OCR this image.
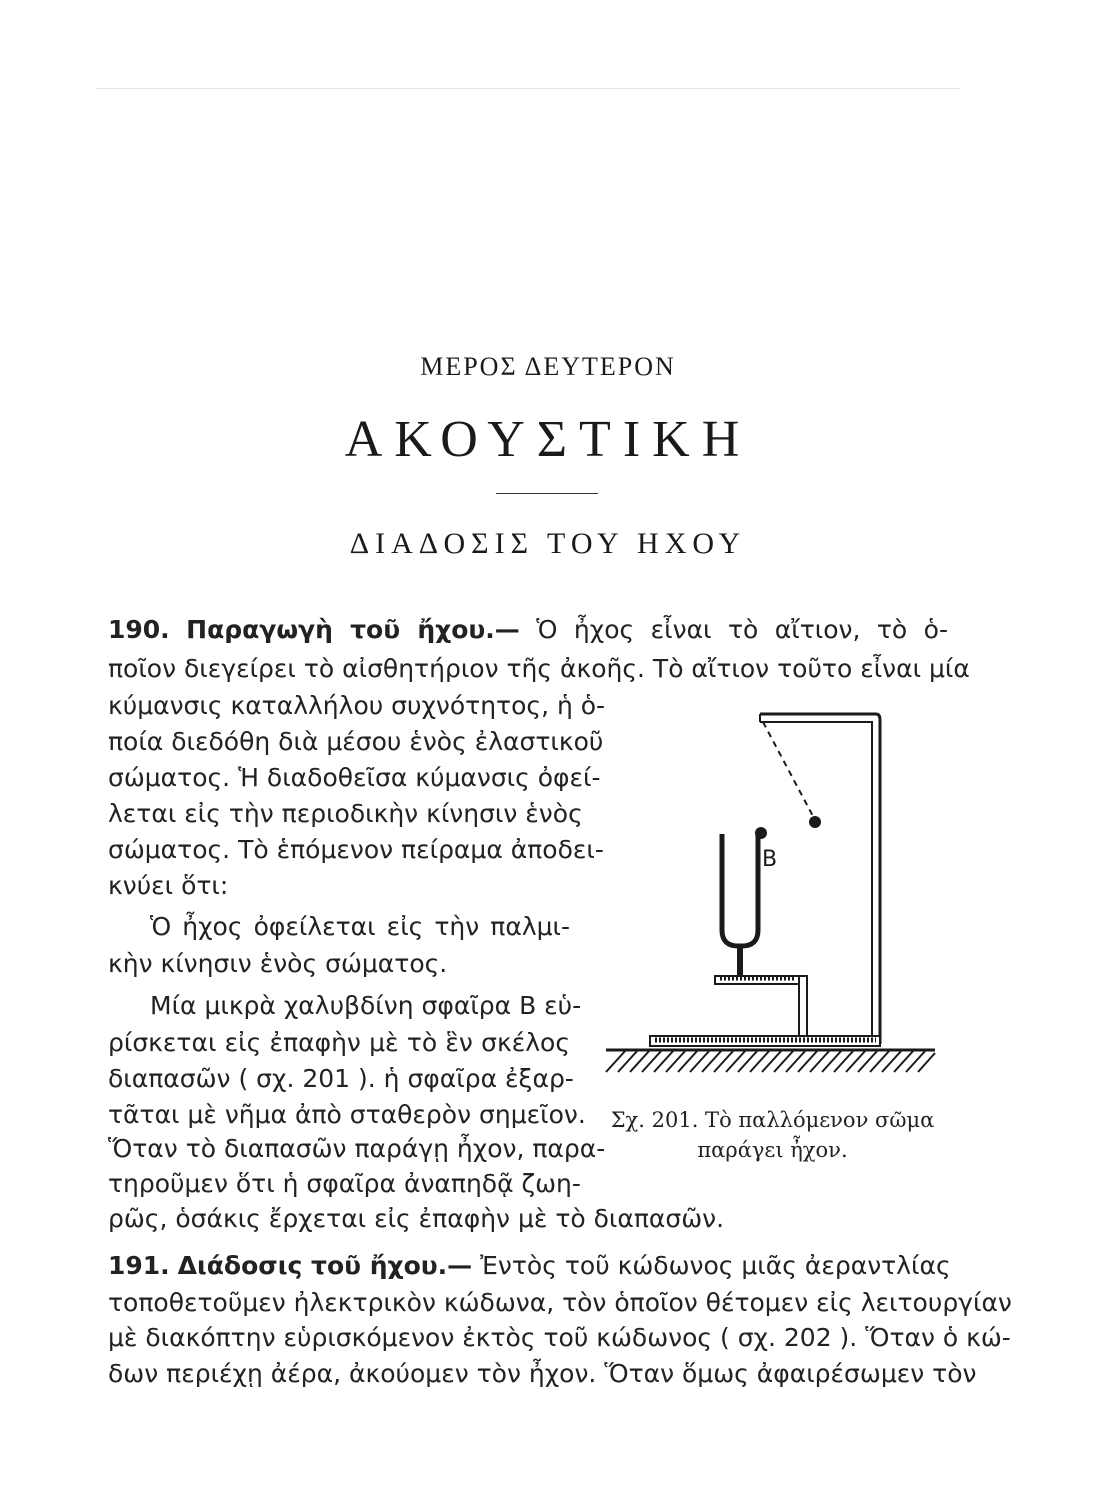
ΜΕΡΟΣ ΔΕΥΤΕΡΟΝ
ΑΚΟΥΣΤΙΚΗ
ΔΙΑΔΟΣΙΣ ΤΟΥ ΗΧΟΥ
190. Παραγωγὴ τοῦ ἤχου.— Ὁ ἦχος εἶναι τὸ αἴτιον, τὸ ὁ-
ποῖον διεγείρει τὸ αἰσθητήριον τῆς ἀκοῆς. Τὸ αἴτιον τοῦτο εἶναι μία
κύμανσις καταλλήλου συχνότητος, ἡ ὁ-
ποία διεδόθη διὰ μέσου ἑνὸς ἐλαστικοῦ
σώματος. Ἡ διαδοθεῖσα κύμανσις ὀφεί-
λεται εἰς τὴν περιοδικὴν κίνησιν ἑνὸς
σώματος. Τὸ ἑπόμενον πείραμα ἀποδει-
κνύει ὅτι:
Ὁ ἦχος ὀφείλεται εἰς τὴν παλμι-
κὴν κίνησιν ἑνὸς σώματος.
Μία μικρὰ χαλυβδίνη σφαῖρα Β εὑ-
ρίσκεται εἰς ἐπαφὴν μὲ τὸ ἓν σκέλος
διαπασῶν ( σχ. 201 ). ἡ σφαῖρα ἐξαρ-
τᾶται μὲ νῆμα ἀπὸ σταθερὸν σημεῖον.
Ὅταν τὸ διαπασῶν παράγῃ ἦχον, παρα-
τηροῦμεν ὅτι ἡ σφαῖρα ἀναπηδᾷ ζωη-
ρῶς, ὁσάκις ἔρχεται εἰς ἐπαφὴν μὲ τὸ διαπασῶν.
B
Σχ. 201. Τὸ παλλόμενον σῶμα
παράγει ἦχον.
191. Διάδοσις τοῦ ἤχου.— Ἐντὸς τοῦ κώδωνος μιᾶς ἀεραντλίας
τοποθετοῦμεν ἠλεκτρικὸν κώδωνα, τὸν ὁποῖον θέτομεν εἰς λειτουργίαν
μὲ διακόπτην εὑρισκόμενον ἐκτὸς τοῦ κώδωνος ( σχ. 202 ). Ὅταν ὁ κώ-
δων περιέχῃ ἀέρα, ἀκούομεν τὸν ἦχον. Ὅταν ὅμως ἀφαιρέσωμεν τὸν
